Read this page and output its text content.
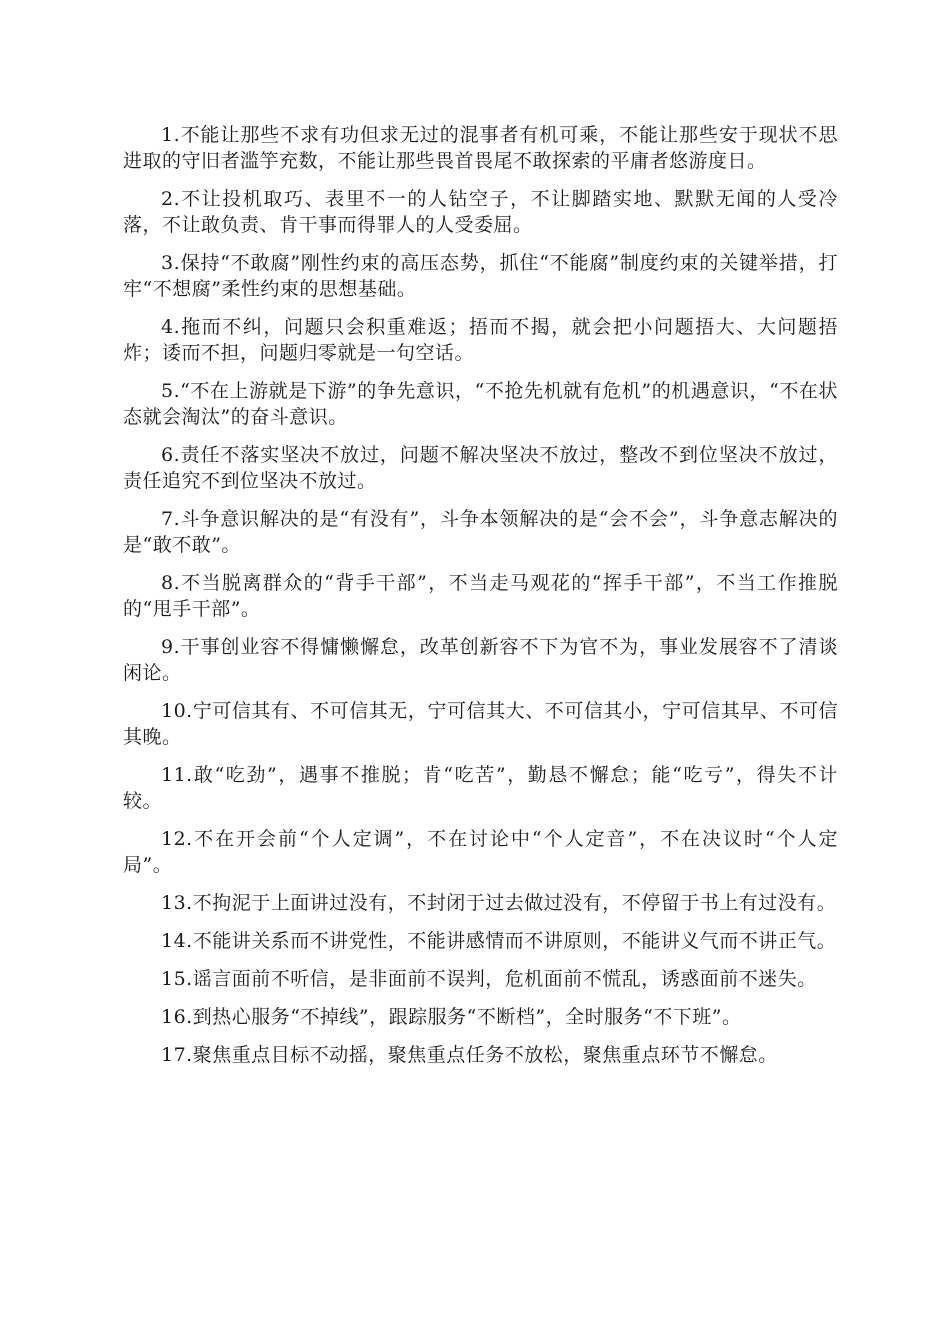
1.不能让那些不求有功但求无过的混事者有机可乘，不能让那些安于现状不思进取的守旧者滥竽充数，不能让那些畏首畏尾不敢探索的平庸者悠游度日。

2.不让投机取巧、表里不一的人钻空子，不让脚踏实地、默默无闻的人受冷落，不让敢负责、肯干事而得罪人的人受委屈。

3.保持“不敢腐”刚性约束的高压态势，抓住“不能腐”制度约束的关键举措，打牢“不想腐”柔性约束的思想基础。

4.拖而不纠，问题只会积重难返；捂而不揭，就会把小问题捂大、大问题捂炸；诿而不担，问题归零就是一句空话。

5.“不在上游就是下游”的争先意识，“不抢先机就有危机”的机遇意识，“不在状态就会淘汰”的奋斗意识。

6.责任不落实坚决不放过，问题不解决坚决不放过，整改不到位坚决不放过，责任追究不到位坚决不放过。

7.斗争意识解决的是“有没有”，斗争本领解决的是“会不会”，斗争意志解决的是“敢不敢”。

8.不当脱离群众的“背手干部”，不当走马观花的“挥手干部”，不当工作推脱的“甩手干部”。

9.干事创业容不得慵懒懈怠，改革创新容不下为官不为，事业发展容不了清谈闲论。

10.宁可信其有、不可信其无，宁可信其大、不可信其小，宁可信其早、不可信其晚。

11.敢“吃劲”，遇事不推脱；肯“吃苦”，勤恳不懈怠；能“吃亏”，得失不计较。

12.不在开会前“个人定调”，不在讨论中“个人定音”，不在决议时“个人定局”。

13.不拘泥于上面讲过没有，不封闭于过去做过没有，不停留于书上有过没有。

14.不能讲关系而不讲党性，不能讲感情而不讲原则，不能讲义气而不讲正气。

15.谣言面前不听信，是非面前不误判，危机面前不慌乱，诱惑面前不迷失。

16.到热心服务“不掉线”，跟踪服务“不断档”，全时服务“不下班”。

17.聚焦重点目标不动摇，聚焦重点任务不放松，聚焦重点环节不懈怠。
